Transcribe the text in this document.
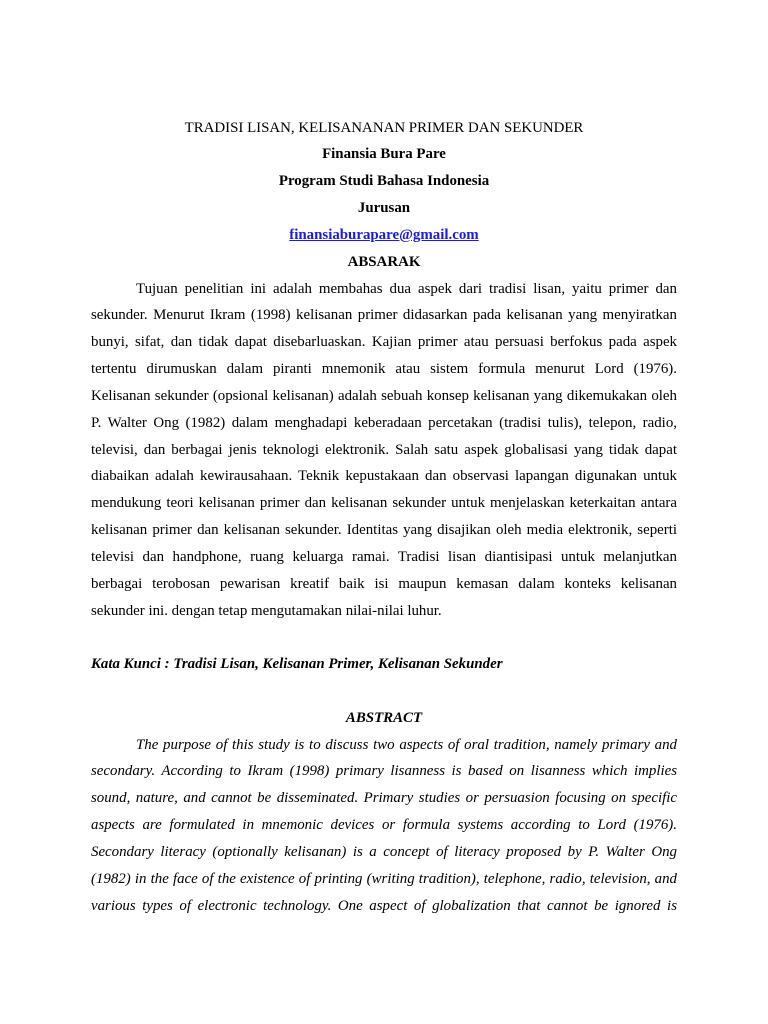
TRADISI LISAN, KELISANANAN PRIMER DAN SEKUNDER
Finansia Bura Pare
Program Studi Bahasa Indonesia
Jurusan
finansiaburapare@gmail.com
ABSARAK
Tujuan penelitian ini adalah membahas dua aspek dari tradisi lisan, yaitu primer dan
sekunder. Menurut Ikram (1998) kelisanan primer didasarkan pada kelisanan yang menyiratkan
bunyi, sifat, dan tidak dapat disebarluaskan. Kajian primer atau persuasi berfokus pada aspek
tertentu dirumuskan dalam piranti mnemonik atau sistem formula menurut Lord (1976).
Kelisanan sekunder (opsional kelisanan) adalah sebuah konsep kelisanan yang dikemukakan oleh
P. Walter Ong (1982) dalam menghadapi keberadaan percetakan (tradisi tulis), telepon, radio,
televisi, dan berbagai jenis teknologi elektronik. Salah satu aspek globalisasi yang tidak dapat
diabaikan adalah kewirausahaan. Teknik kepustakaan dan observasi lapangan digunakan untuk
mendukung teori kelisanan primer dan kelisanan sekunder untuk menjelaskan keterkaitan antara
kelisanan primer dan kelisanan sekunder. Identitas yang disajikan oleh media elektronik, seperti
televisi dan handphone, ruang keluarga ramai. Tradisi lisan diantisipasi untuk melanjutkan
berbagai terobosan pewarisan kreatif baik isi maupun kemasan dalam konteks kelisanan
sekunder ini. dengan tetap mengutamakan nilai-nilai luhur.
Kata Kunci : Tradisi Lisan, Kelisanan Primer, Kelisanan Sekunder
ABSTRACT
The purpose of this study is to discuss two aspects of oral tradition, namely primary and
secondary. According to Ikram (1998) primary lisanness is based on lisanness which implies
sound, nature, and cannot be disseminated. Primary studies or persuasion focusing on specific
aspects are formulated in mnemonic devices or formula systems according to Lord (1976).
Secondary literacy (optionally kelisanan) is a concept of literacy proposed by P. Walter Ong
(1982) in the face of the existence of printing (writing tradition), telephone, radio, television, and
various types of electronic technology. One aspect of globalization that cannot be ignored is
